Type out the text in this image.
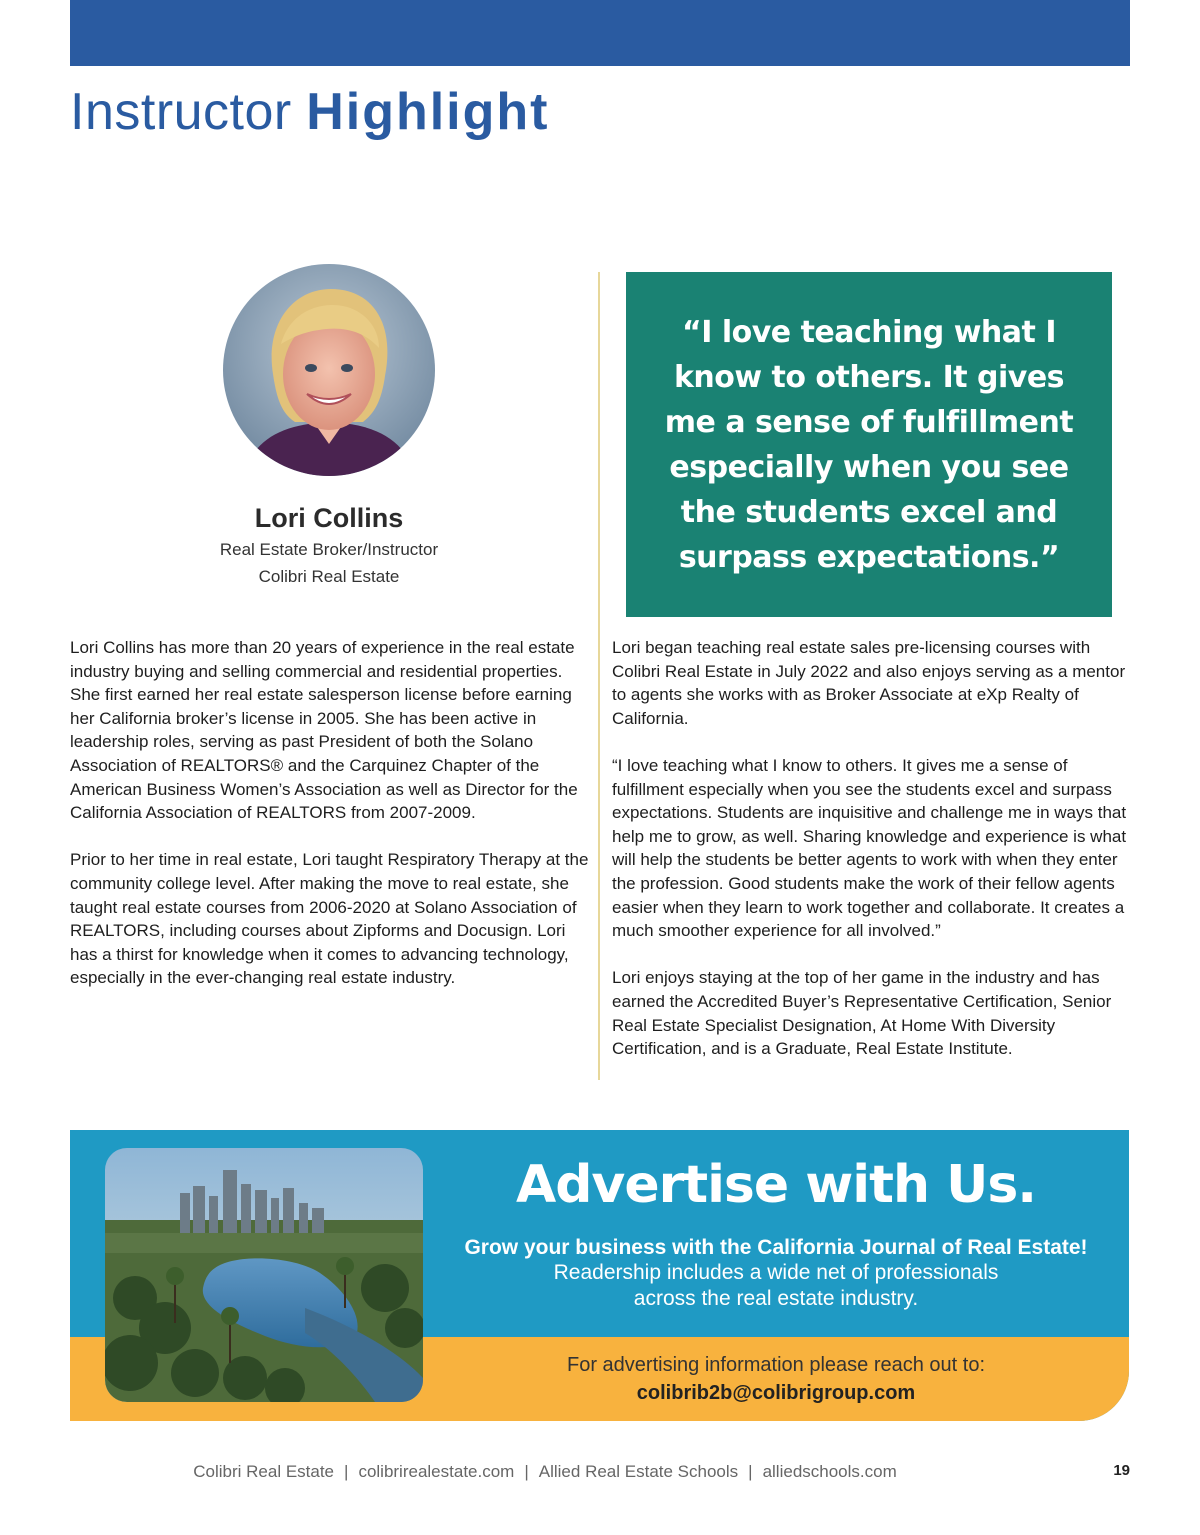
Instructor Highlight
Lori Collins
Real Estate Broker/Instructor
Colibri Real Estate

“I love teaching what I know to others. It gives me a sense of fulfillment especially when you see the students excel and surpass expectations.”

Lori Collins has more than 20 years of experience in the real estate industry buying and selling commercial and residential properties. She first earned her real estate salesperson license before earning her California broker’s license in 2005. She has been active in leadership roles, serving as past President of both the Solano Association of REALTORS® and the Carquinez Chapter of the American Business Women’s Association as well as Director for the California Association of REALTORS from 2007-2009.

Prior to her time in real estate, Lori taught Respiratory Therapy at the community college level. After making the move to real estate, she taught real estate courses from 2006-2020 at Solano Association of REALTORS, including courses about Zipforms and Docusign. Lori has a thirst for knowledge when it comes to advancing technology, especially in the ever-changing real estate industry.

Lori began teaching real estate sales pre-licensing courses with Colibri Real Estate in July 2022 and also enjoys serving as a mentor to agents she works with as Broker Associate at eXp Realty of California.

“I love teaching what I know to others. It gives me a sense of fulfillment especially when you see the students excel and surpass expectations. Students are inquisitive and challenge me in ways that help me to grow, as well. Sharing knowledge and experience is what will help the students be better agents to work with when they enter the profession. Good students make the work of their fellow agents easier when they learn to work together and collaborate. It creates a much smoother experience for all involved.”

Lori enjoys staying at the top of her game in the industry and has earned the Accredited Buyer’s Representative Certification, Senior Real Estate Specialist Designation, At Home With Diversity Certification, and is a Graduate, Real Estate Institute.

Advertise with Us.
Grow your business with the California Journal of Real Estate!
Readership includes a wide net of professionals across the real estate industry.
For advertising information please reach out to:
colibrib2b@colibrigroup.com
Colibri Real Estate | colibrirealestate.com | Allied Real Estate Schools | alliedschools.com	19
